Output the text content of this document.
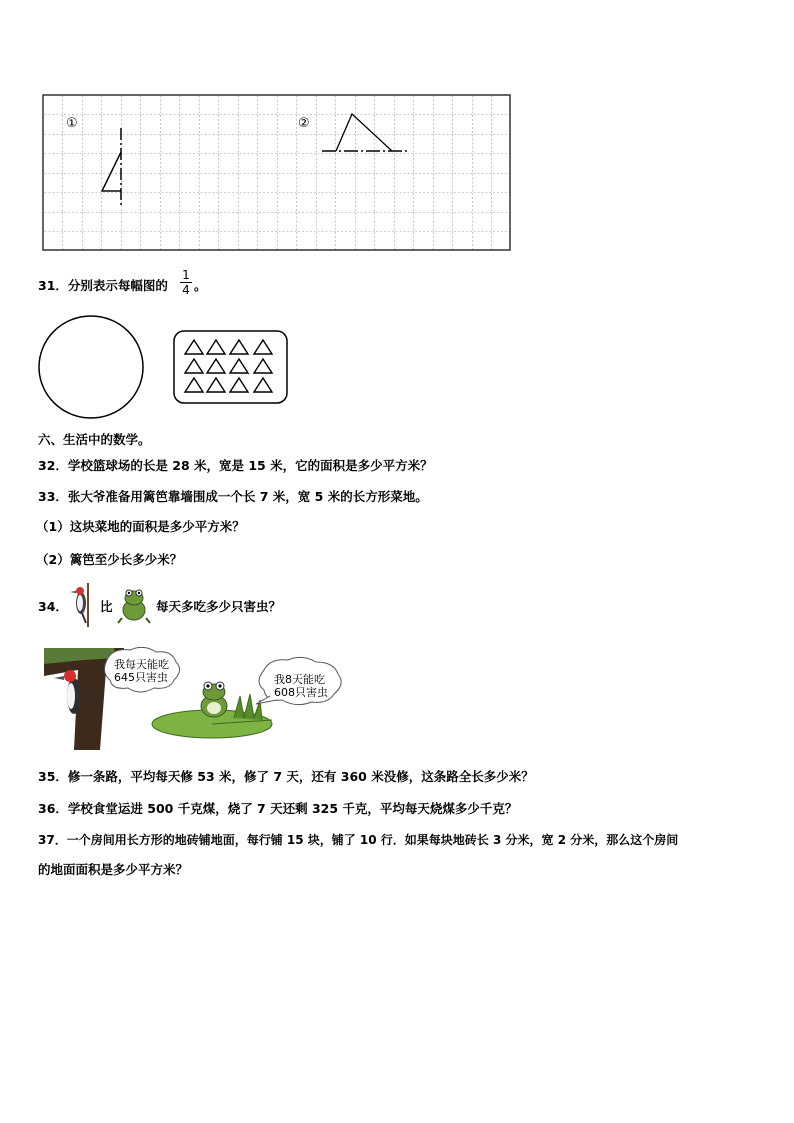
①	②
31．分别表示每幅图的 $\frac{1}{4}$ 。
六、生活中的数学。
32．学校篮球场的长是 28 米，宽是 15 米，它的面积是多少平方米？
33．张大爷准备用篱笆靠墙围成一个长 7 米，宽 5 米的长方形菜地。
（1）这块菜地的面积是多少平方米？
（2）篱笆至少长多少米？
34．	比	每天多吃多少只害虫？
我每天能吃
645只害虫	我8天能吃
608只害虫
35．修一条路，平均每天修 53 米，修了 7 天，还有 360 米没修，这条路全长多少米？
36．学校食堂运进 500 千克煤，烧了 7 天还剩 325 千克，平均每天烧煤多少千克？
37．一个房间用长方形的地砖铺地面，每行铺 15 块，铺了 10 行．如果每块地砖长 3 分米，宽 2 分米，那么这个房间
的地面面积是多少平方米？
